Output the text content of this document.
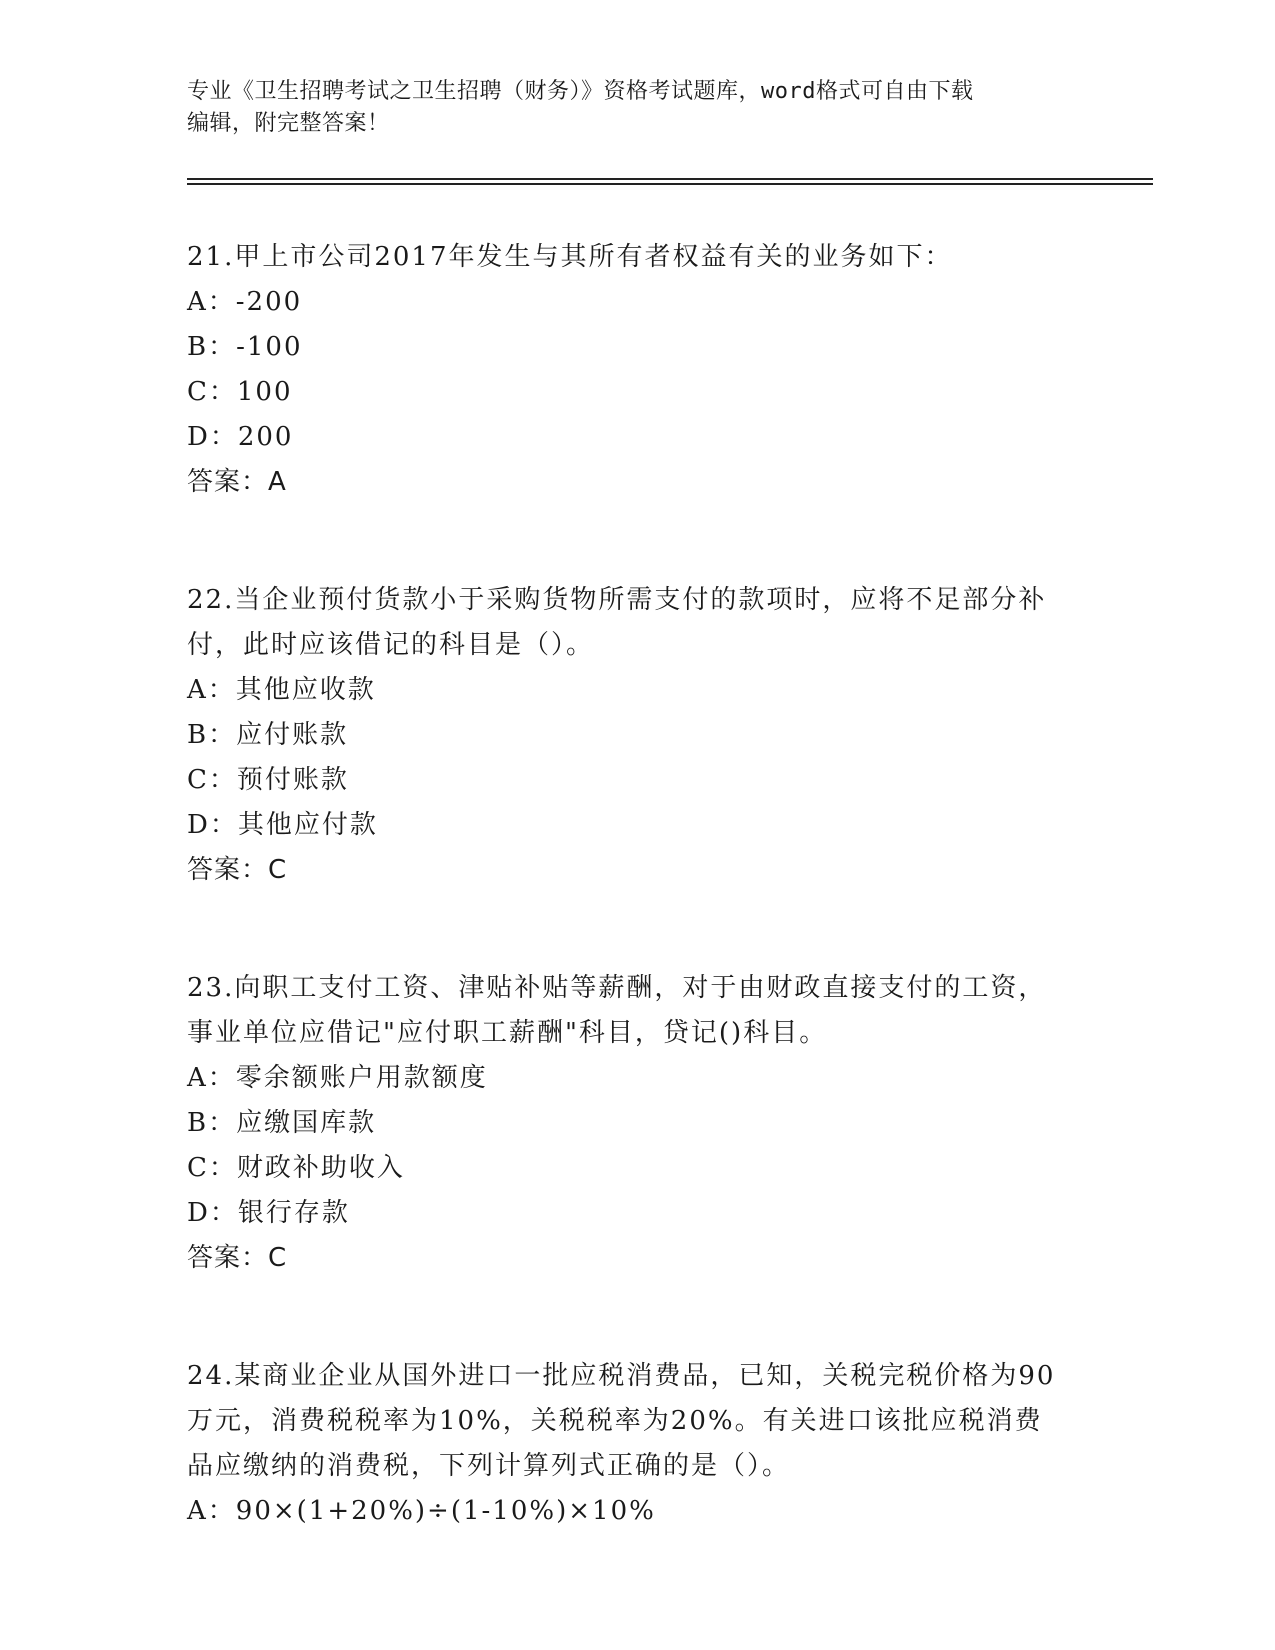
专业《卫生招聘考试之卫生招聘（财务）》资格考试题库，word格式可自由下载
编辑，附完整答案！
21.甲上市公司2017年发生与其所有者权益有关的业务如下：
A：-200
B：-100
C：100
D：200
答案：A
22.当企业预付货款小于采购货物所需支付的款项时，应将不足部分补
付，此时应该借记的科目是（）。
A：其他应收款
B：应付账款
C：预付账款
D：其他应付款
答案：C
23.向职工支付工资、津贴补贴等薪酬，对于由财政直接支付的工资，
事业单位应借记"应付职工薪酬"科目，贷记()科目。
A：零余额账户用款额度
B：应缴国库款
C：财政补助收入
D：银行存款
答案：C
24.某商业企业从国外进口一批应税消费品，已知，关税完税价格为90
万元，消费税税率为10%，关税税率为20%。有关进口该批应税消费
品应缴纳的消费税，下列计算列式正确的是（）。
A：90×(1+20%)÷(1-10%)×10%
